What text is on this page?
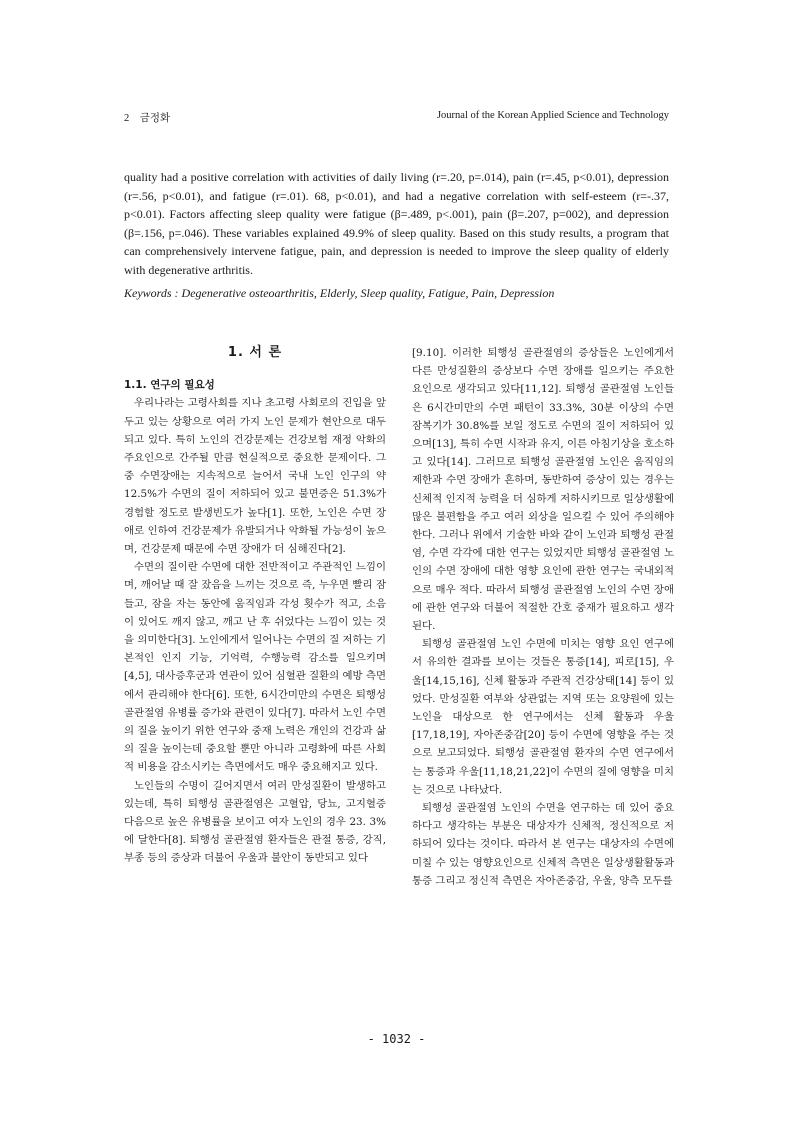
2 금정화	Journal of the Korean Applied Science and Technology
quality had a positive correlation with activities of daily living (r=.20, p=.014), pain (r=.45, p<0.01), depression (r=.56, p<0.01), and fatigue (r=.01). 68, p<0.01), and had a negative correlation with self-esteem (r=-.37, p<0.01). Factors affecting sleep quality were fatigue (β=.489, p<.001), pain (β=.207, p=002), and depression (β=.156, p=.046). These variables explained 49.9% of sleep quality. Based on this study results, a program that can comprehensively intervene fatigue, pain, and depression is needed to improve the sleep quality of elderly with degenerative arthritis.
Keywords : Degenerative osteoarthritis, Elderly, Sleep quality, Fatigue, Pain, Depression
1. 서 론
1.1. 연구의 필요성

우리나라는 고령사회를 지나 초고령 사회로의 진입을 앞두고 있는 상황으로 여러 가지 노인 문제가 현안으로 대두되고 있다. 특히 노인의 건강문제는 건강보험 재정 악화의 주요인으로 간주될 만큼 현실적으로 중요한 문제이다. 그 중 수면장애는 지속적으로 늘어서 국내 노인 인구의 약 12.5%가 수면의 질이 저하되어 있고 불면증은 51.3%가 경험할 정도로 발생빈도가 높다[1]. 또한, 노인은 수면 장애로 인하여 건강문제가 유발되거나 악화될 가능성이 높으며, 건강문제 때문에 수면 장애가 더 심해진다[2].

수면의 질이란 수면에 대한 전반적이고 주관적인 느낌이며, 깨어날 때 잘 잤음을 느끼는 것으로 즉, 누우면 빨리 잠들고, 잠을 자는 동안에 움직임과 각성 횟수가 적고, 소음이 있어도 깨지 않고, 깨고 난 후 쉬었다는 느낌이 있는 것을 의미한다[3]. 노인에게서 일어나는 수면의 질 저하는 기본적인 인지 기능, 기억력, 수행능력 감소를 일으키며[4,5], 대사증후군과 연관이 있어 심혈관 질환의 예방 측면에서 관리해야 한다[6]. 또한, 6시간미만의 수면은 퇴행성 골관절염 유병률 증가와 관련이 있다[7]. 따라서 노인 수면의 질을 높이기 위한 연구와 중재 노력은 개인의 건강과 삶의 질을 높이는데 중요할 뿐만 아니라 고령화에 따른 사회적 비용을 감소시키는 측면에서도 매우 중요해지고 있다.

노인들의 수명이 길어지면서 여러 만성질환이 발생하고 있는데, 특히 퇴행성 골관절염은 고혈압, 당뇨, 고지혈증 다음으로 높은 유병률을 보이고 여자 노인의 경우 23. 3%에 달한다[8]. 퇴행성 골관절염 환자들은 관절 통증, 강직, 부종 등의 증상과 더불어 우울과 불안이 동반되고 있다

[9.10]. 이러한 퇴행성 골관절염의 증상들은 노인에게서 다른 만성질환의 증상보다 수면 장애를 일으키는 주요한 요인으로 생각되고 있다[11,12]. 퇴행성 골관절염 노인들은 6시간미만의 수면 패턴이 33.3%, 30분 이상의 수면 잠복기가 30.8%를 보일 정도로 수면의 질이 저하되어 있으며[13], 특히 수면 시작과 유지, 이른 아침기상을 호소하고 있다[14]. 그러므로 퇴행성 골관절염 노인은 움직임의 제한과 수면 장애가 흔하며, 동반하여 증상이 있는 경우는 신체적 인지적 능력을 더 심하게 저하시키므로 일상생활에 많은 불편함을 주고 여러 외상을 일으킬 수 있어 주의해야 한다. 그러나 위에서 기술한 바와 같이 노인과 퇴행성 관절염, 수면 각각에 대한 연구는 있었지만 퇴행성 골관절염 노인의 수면 장애에 대한 영향 요인에 관한 연구는 국내외적으로 매우 적다. 따라서 퇴행성 골관절염 노인의 수면 장애에 관한 연구와 더불어 적절한 간호 중재가 필요하고 생각된다.

퇴행성 골관절염 노인 수면에 미치는 영향 요인 연구에서 유의한 결과를 보이는 것들은 통증[14], 피로[15], 우울[14,15,16], 신체 활동과 주관적 건강상태[14] 등이 있었다. 만성질환 여부와 상관없는 지역 또는 요양원에 있는 노인을 대상으로 한 연구에서는 신체 활동과 우울[17,18,19], 자아존중감[20] 등이 수면에 영향을 주는 것으로 보고되었다. 퇴행성 골관절염 환자의 수면 연구에서는 통증과 우울[11,18,21,22]이 수면의 질에 영향을 미치는 것으로 나타났다.

퇴행성 골관절염 노인의 수면을 연구하는 데 있어 중요하다고 생각하는 부분은 대상자가 신체적, 정신적으로 저하되어 있다는 것이다. 따라서 본 연구는 대상자의 수면에 미칠 수 있는 영향요인으로 신체적 측면은 일상생활활동과 통증 그리고 정신적 측면은 자아존중감, 우울, 양측 모두를

- 1032 -
